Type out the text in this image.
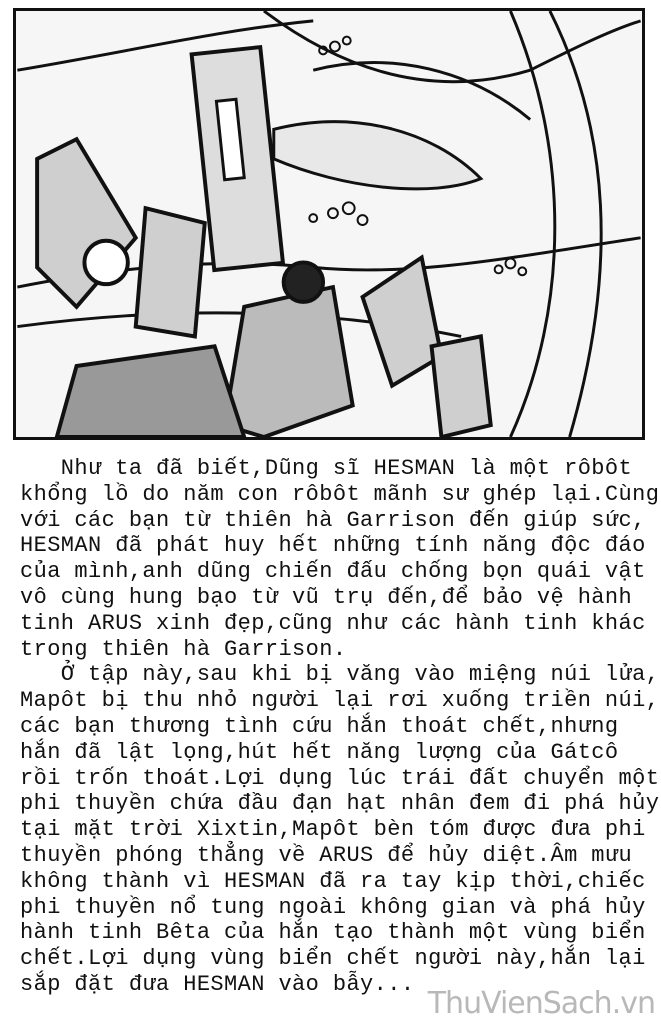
Như ta đã biết,Dũng sĩ HESMAN là một rôbôt
khổng lồ do năm con rôbôt mãnh sư ghép lại.Cùng
với các bạn từ thiên hà Garrison đến giúp sức,
HESMAN đã phát huy hết những tính năng độc đáo
của mình,anh dũng chiến đấu chống bọn quái vật
vô cùng hung bạo từ vũ trụ đến,để bảo vệ hành
tinh ARUS xinh đẹp,cũng như các hành tinh khác
trong thiên hà Garrison.
Ở tập này,sau khi bị văng vào miệng núi lửa,
Mapôt bị thu nhỏ người lại rơi xuống triền núi,
các bạn thương tình cứu hắn thoát chết,nhưng
hắn đã lật lọng,hút hết năng lượng của Gátcô
rồi trốn thoát.Lợi dụng lúc trái đất chuyển một
phi thuyền chứa đầu đạn hạt nhân đem đi phá hủy
tại mặt trời Xixtin,Mapôt bèn tóm được đưa phi
thuyền phóng thẳng về ARUS để hủy diệt.Âm mưu
không thành vì HESMAN đã ra tay kịp thời,chiếc
phi thuyền nổ tung ngoài không gian và phá hủy
hành tinh Bêta của hắn tạo thành một vùng biển
chết.Lợi dụng vùng biển chết người này,hắn lại
sắp đặt đưa HESMAN vào bẫy...
ThuVienSach.vn
